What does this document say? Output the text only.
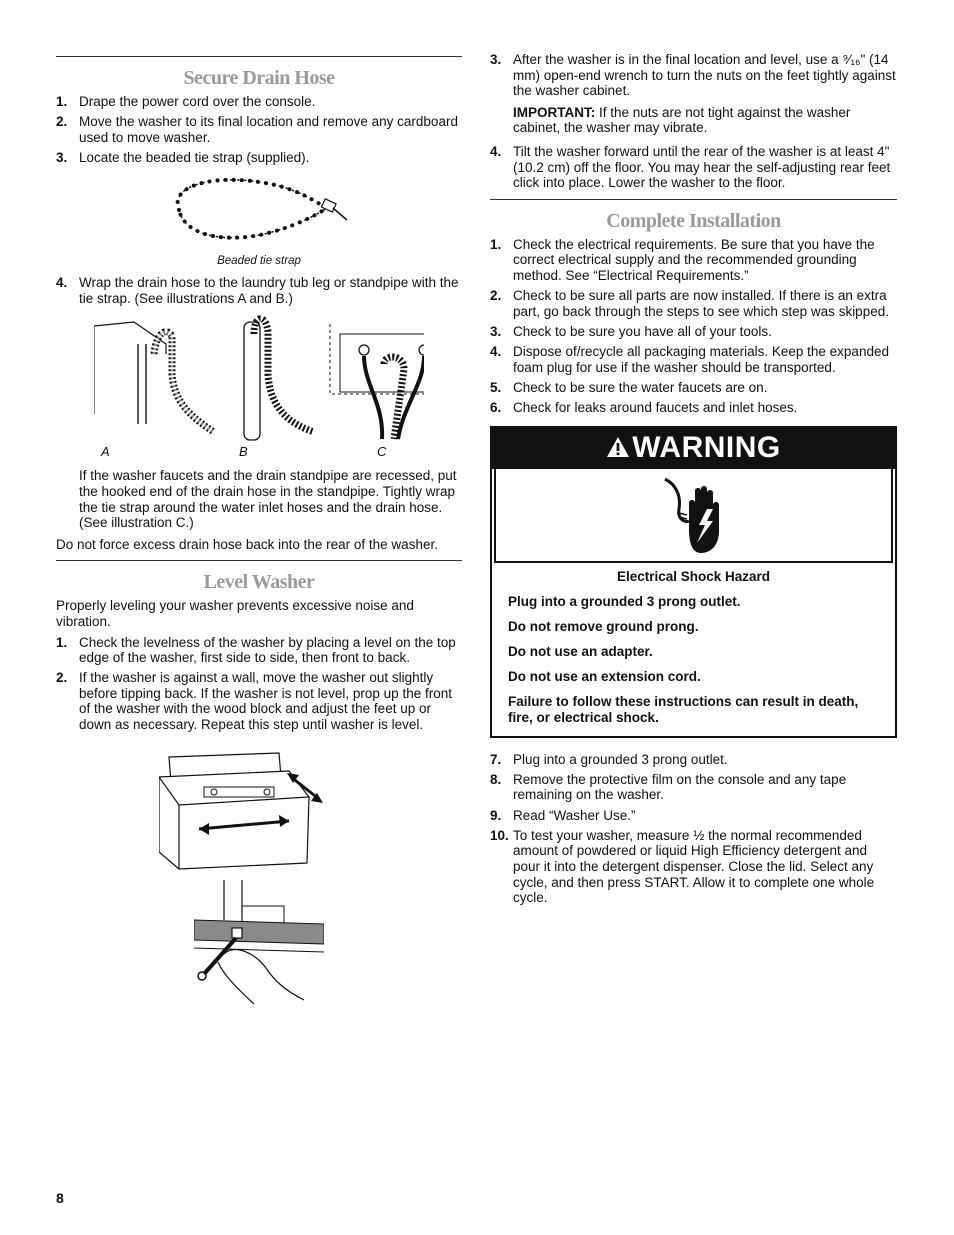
Secure Drain Hose
1. Drape the power cord over the console.
2. Move the washer to its final location and remove any cardboard used to move washer.
3. Locate the beaded tie strap (supplied).
Beaded tie strap
4. Wrap the drain hose to the laundry tub leg or standpipe with the tie strap. (See illustrations A and B.)
A	B	C
If the washer faucets and the drain standpipe are recessed, put the hooked end of the drain hose in the standpipe. Tightly wrap the tie strap around the water inlet hoses and the drain hose. (See illustration C.)
Do not force excess drain hose back into the rear of the washer.
Level Washer
Properly leveling your washer prevents excessive noise and vibration.
1. Check the levelness of the washer by placing a level on the top edge of the washer, first side to side, then front to back.
2. If the washer is against a wall, move the washer out slightly before tipping back. If the washer is not level, prop up the front of the washer with the wood block and adjust the feet up or down as necessary. Repeat this step until washer is level.
3. After the washer is in the final location and level, use a ⁹⁄₁₆" (14 mm) open-end wrench to turn the nuts on the feet tightly against the washer cabinet.
IMPORTANT: If the nuts are not tight against the washer cabinet, the washer may vibrate.
4. Tilt the washer forward until the rear of the washer is at least 4" (10.2 cm) off the floor. You may hear the self-adjusting rear feet click into place. Lower the washer to the floor.
Complete Installation
1. Check the electrical requirements. Be sure that you have the correct electrical supply and the recommended grounding method. See “Electrical Requirements.”
2. Check to be sure all parts are now installed. If there is an extra part, go back through the steps to see which step was skipped.
3. Check to be sure you have all of your tools.
4. Dispose of/recycle all packaging materials. Keep the expanded foam plug for use if the washer should be transported.
5. Check to be sure the water faucets are on.
6. Check for leaks around faucets and inlet hoses.
WARNING
Electrical Shock Hazard
Plug into a grounded 3 prong outlet.
Do not remove ground prong.
Do not use an adapter.
Do not use an extension cord.
Failure to follow these instructions can result in death, fire, or electrical shock.
7. Plug into a grounded 3 prong outlet.
8. Remove the protective film on the console and any tape remaining on the washer.
9. Read “Washer Use.”
10. To test your washer, measure ½ the normal recommended amount of powdered or liquid High Efficiency detergent and pour it into the detergent dispenser. Close the lid. Select any cycle, and then press START. Allow it to complete one whole cycle.
8
